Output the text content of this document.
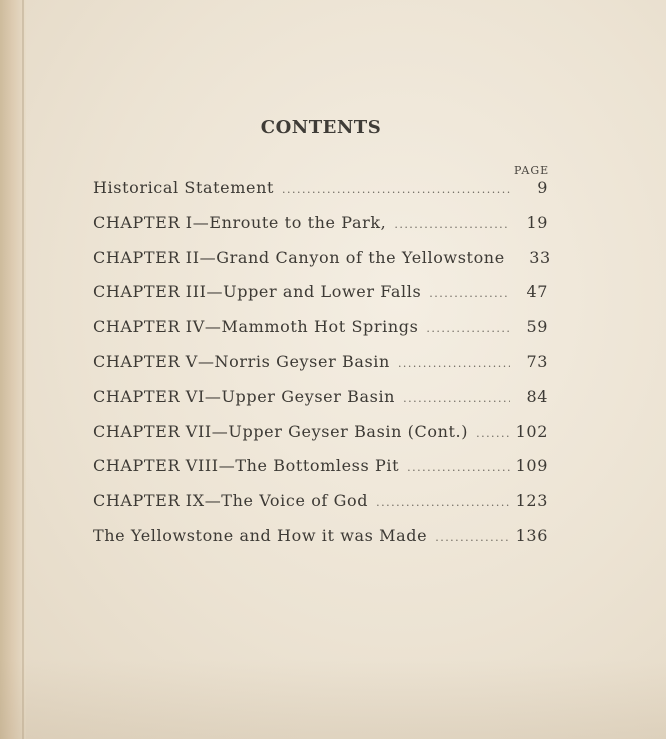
CONTENTS
PAGE
Historical Statement . . .	9
CHAPTER I—Enroute to the Park, . . .	19
CHAPTER II—Grand Canyon of the Yellowstone	33
CHAPTER III—Upper and Lower Falls . . .	47
CHAPTER IV—Mammoth Hot Springs . . .	59
CHAPTER V—Norris Geyser Basin . . .	73
CHAPTER VI—Upper Geyser Basin . . .	84
CHAPTER VII—Upper Geyser Basin (Cont.) . . .	102
CHAPTER VIII—The Bottomless Pit . . .	109
CHAPTER IX—The Voice of God . . .	123
The Yellowstone and How it was Made . . .	136
